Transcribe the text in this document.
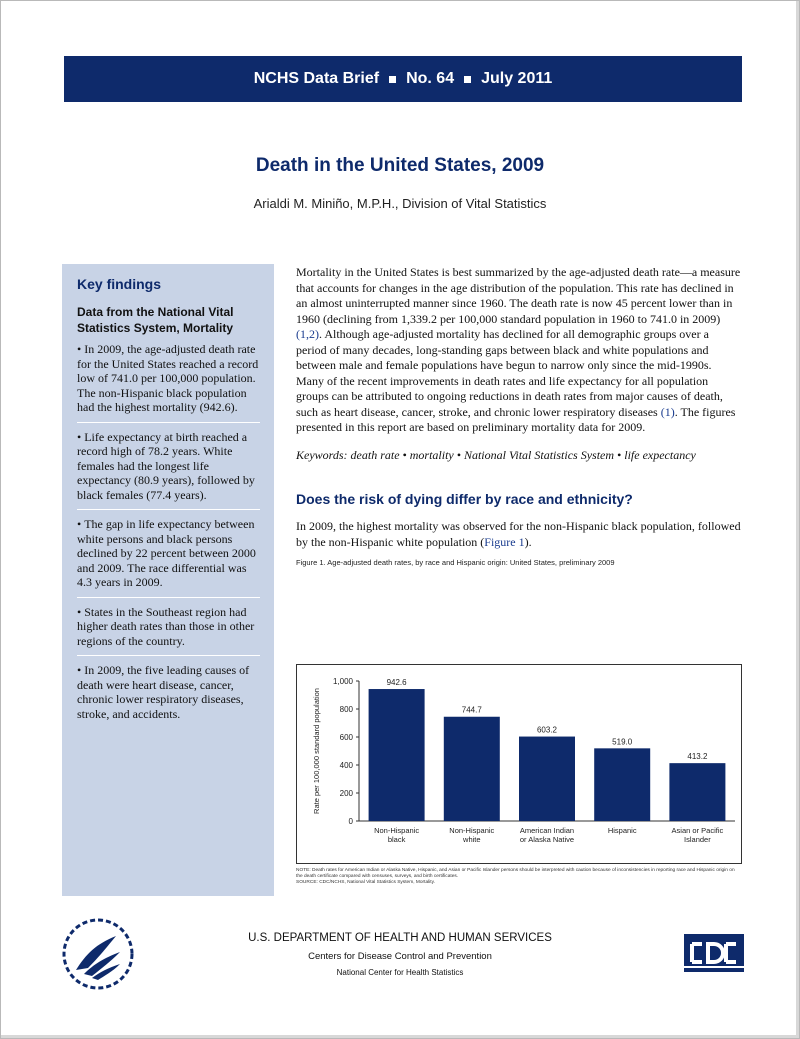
NCHS Data Brief No. 64 July 2011
Death in the United States, 2009
Arialdi M. Miniño, M.P.H., Division of Vital Statistics
Key findings
Data from the National Vital Statistics System, Mortality
• In 2009, the age-adjusted death rate for the United States reached a record low of 741.0 per 100,000 population. The non-Hispanic black population had the highest mortality (942.6).
• Life expectancy at birth reached a record high of 78.2 years. White females had the longest life expectancy (80.9 years), followed by black females (77.4 years).
• The gap in life expectancy between white persons and black persons declined by 22 percent between 2000 and 2009. The race differential was 4.3 years in 2009.
• States in the Southeast region had higher death rates than those in other regions of the country.
• In 2009, the five leading causes of death were heart disease, cancer, chronic lower respiratory diseases, stroke, and accidents.

Mortality in the United States is best summarized by the age-adjusted death rate—a measure that accounts for changes in the age distribution of the population. This rate has declined in an almost uninterrupted manner since 1960. The death rate is now 45 percent lower than in 1960 (declining from 1,339.2 per 100,000 standard population in 1960 to 741.0 in 2009) (1,2). Although age-adjusted mortality has declined for all demographic groups over a period of many decades, long-standing gaps between black and white populations and between male and female populations have begun to narrow only since the mid-1990s. Many of the recent improvements in death rates and life expectancy for all population groups can be attributed to ongoing reductions in death rates from major causes of death, such as heart disease, cancer, stroke, and chronic lower respiratory diseases (1). The figures presented in this report are based on preliminary mortality data for 2009.

Keywords: death rate • mortality • National Vital Statistics System • life expectancy

Does the risk of dying differ by race and ethnicity?

In 2009, the highest mortality was observed for the non-Hispanic black population, followed by the non-Hispanic white population (Figure 1).

Figure 1. Age-adjusted death rates, by race and Hispanic origin: United States, preliminary 2009

0
200
400
600
800
1,000
Rate per 100,000 standard population
942.6
Non-Hispanic
black
744.7
Non-Hispanic
white
603.2
American Indian
or Alaska Native
519.0
Hispanic
413.2
Asian or Pacific
Islander
NOTE: Death rates for American Indian or Alaska Native, Hispanic, and Asian or Pacific Islander persons should be interpreted with caution because of inconsistencies in reporting race and Hispanic origin on the death certificate compared with censuses, surveys, and birth certificates.
SOURCE: CDC/NCHS, National Vital Statistics System, Mortality.
U.S. DEPARTMENT OF HEALTH AND HUMAN SERVICES
Centers for Disease Control and Prevention
National Center for Health Statistics
